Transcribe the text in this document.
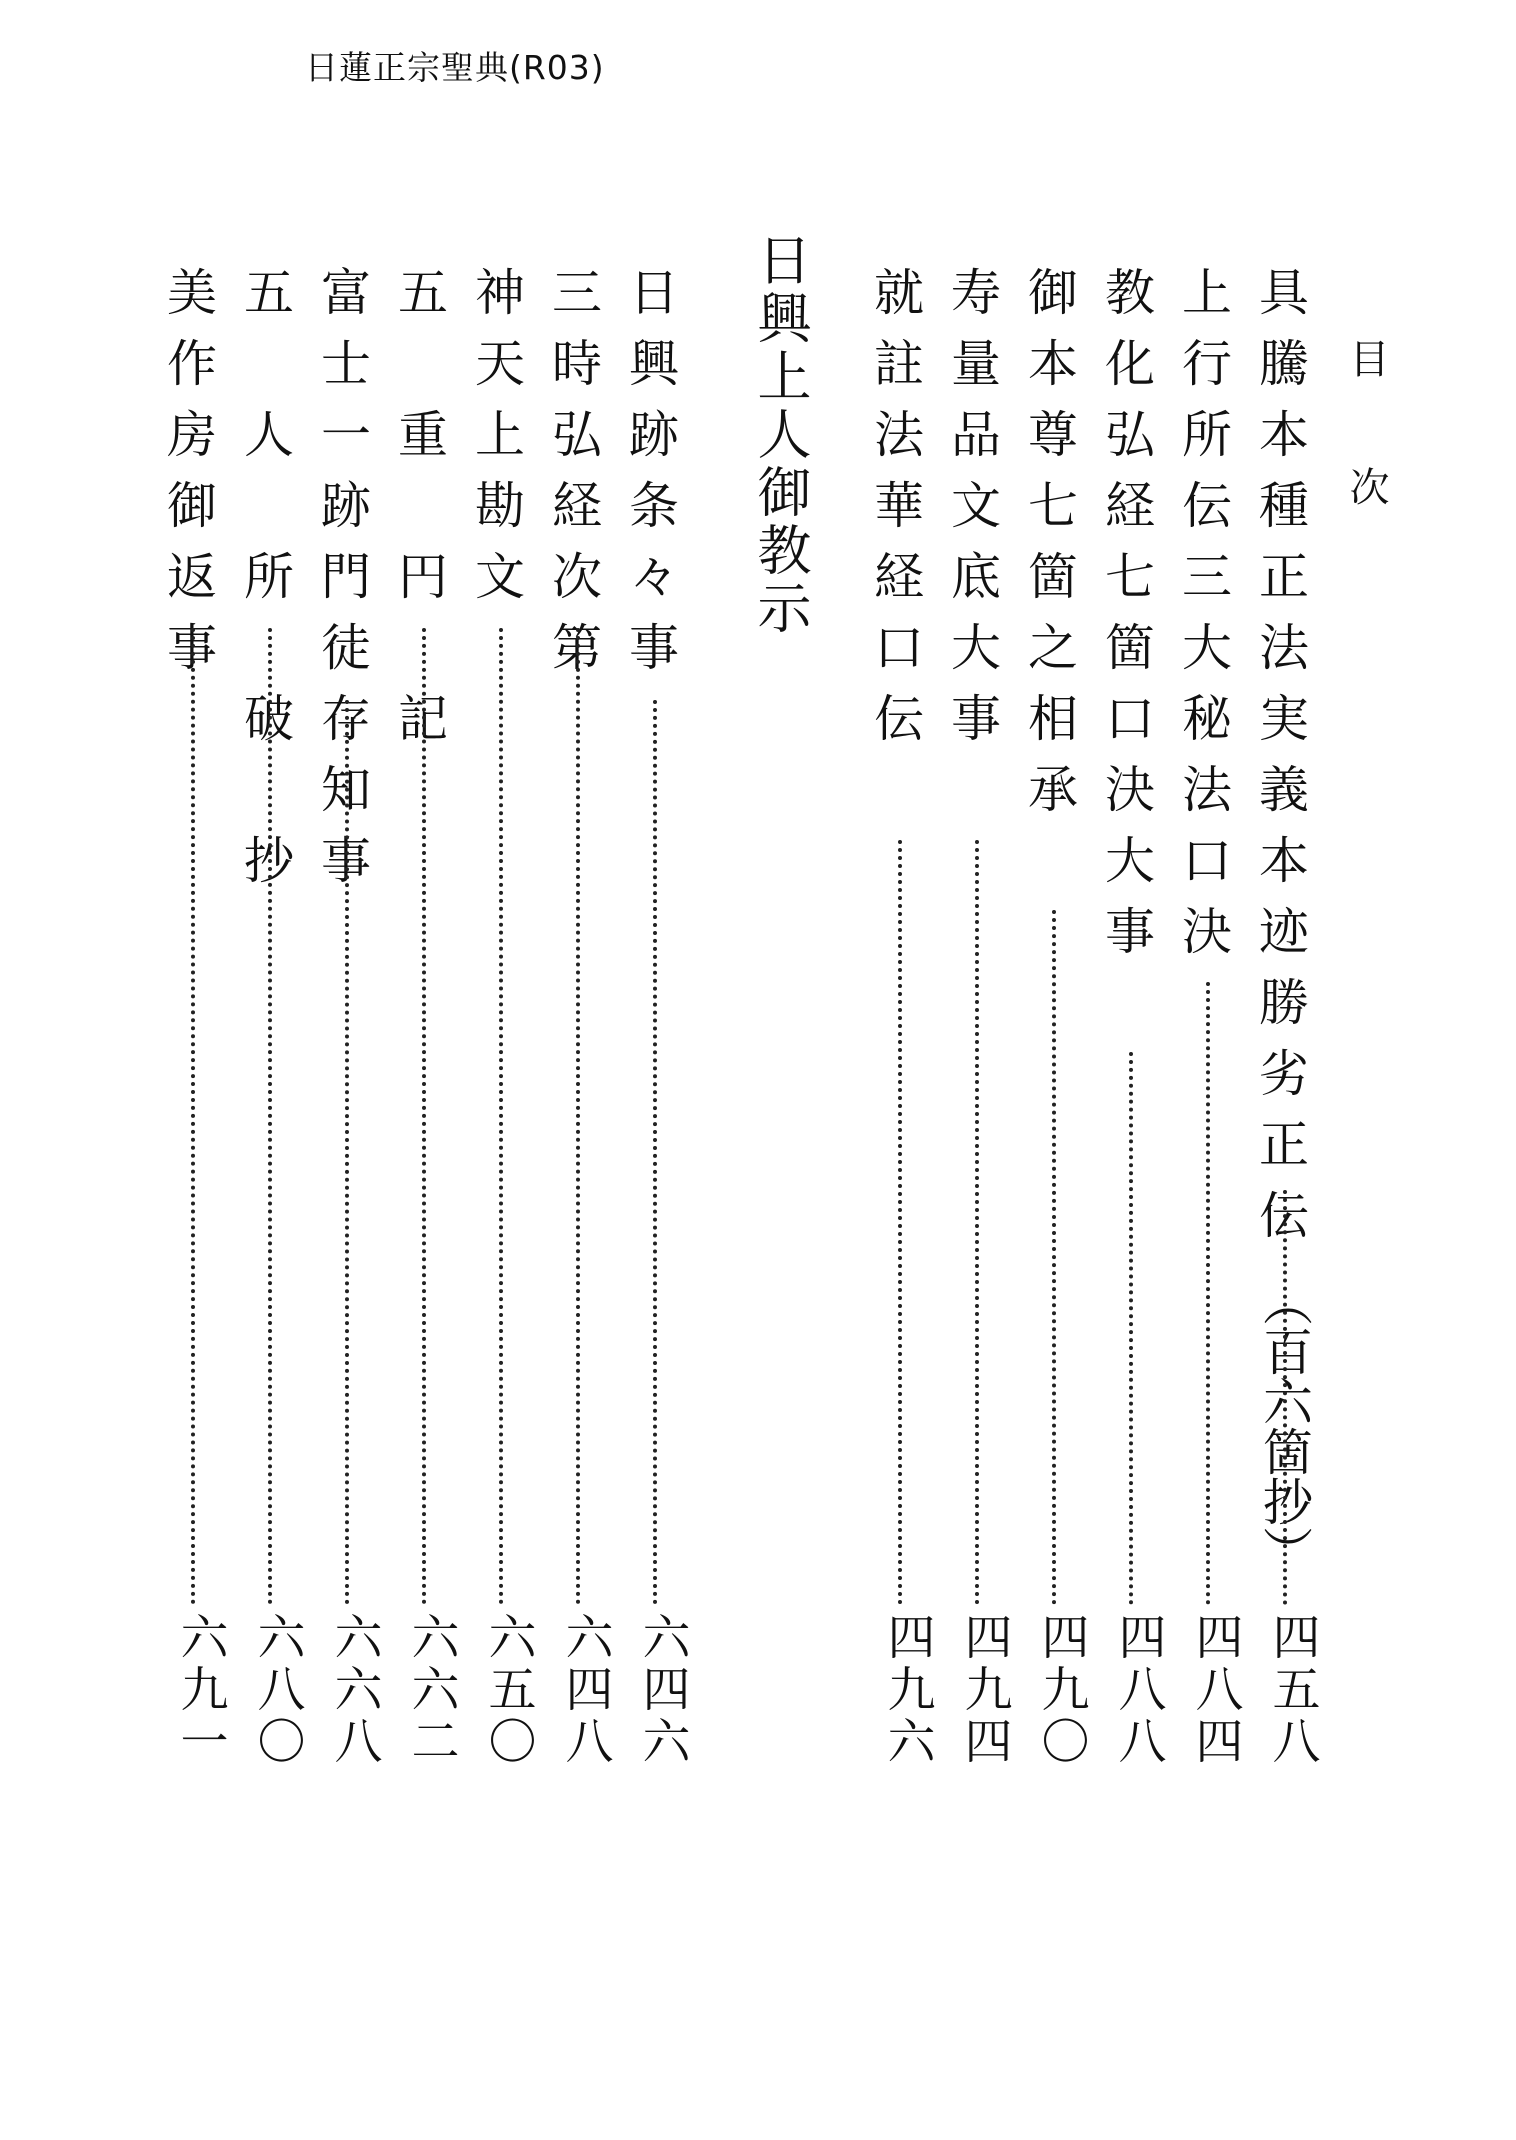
日蓮正宗聖典(R03)
目次
具
騰
本
種
正
法
実
義
本
迹
勝
劣
正
伝
︵百六箇抄︶
四五八
上
行
所
伝
三
大
秘
法
口
決
四八四
教
化
弘
経
七
箇
口
決
大
事
四八八
御
本
尊
七
箇
之
相
承
四九〇
寿
量
品
文
底
大
事
四九四
就
註
法
華
経
口
伝
四九六
日興上人御教示
日
興
跡
条
々
事
六四六
三
時
弘
経
次
第
六四八
神
天
上
勘
文
六五〇
五

重

円

記
六六二
富
士
一
跡
門
徒
存
知
事
六六八
五

人

所

破

抄
六八〇
美
作
房
御
返
事
六九一
